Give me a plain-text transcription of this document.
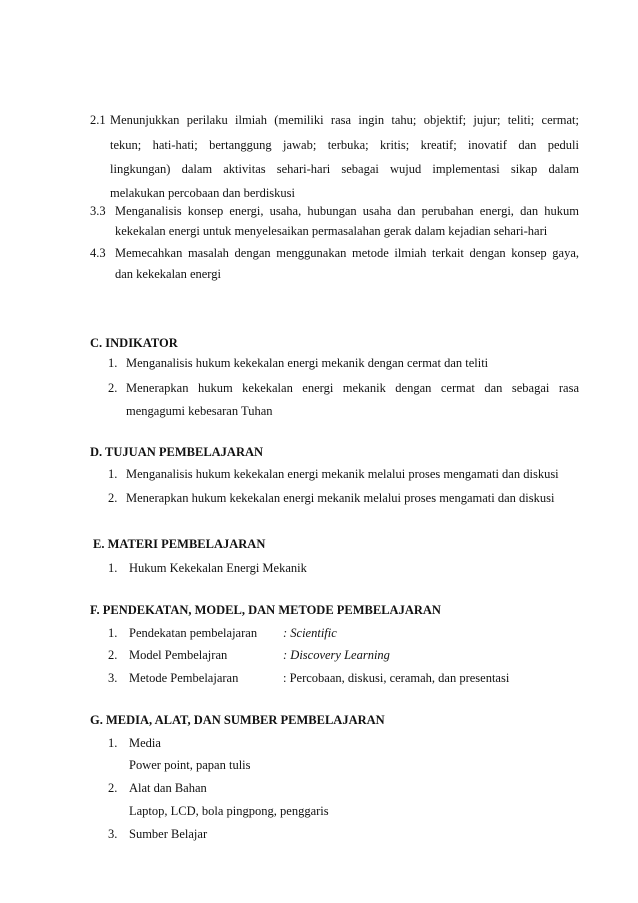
2.1 Menunjukkan perilaku ilmiah (memiliki rasa ingin tahu; objektif; jujur; teliti; cermat;
tekun; hati-hati; bertanggung jawab; terbuka; kritis; kreatif; inovatif dan peduli
lingkungan) dalam aktivitas sehari-hari sebagai wujud implementasi sikap dalam
melakukan percobaan dan berdiskusi
3.3 Menganalisis konsep energi, usaha, hubungan usaha dan perubahan energi, dan hukum
kekekalan energi untuk menyelesaikan permasalahan gerak dalam kejadian sehari-hari
4.3 Memecahkan masalah dengan menggunakan metode ilmiah terkait dengan konsep gaya,
dan kekekalan energi
C. INDIKATOR
1. Menganalisis hukum kekekalan energi mekanik dengan cermat dan teliti
2. Menerapkan hukum kekekalan energi mekanik dengan cermat dan sebagai rasa
mengagumi kebesaran Tuhan
D. TUJUAN PEMBELAJARAN
1. Menganalisis hukum kekekalan energi mekanik melalui proses mengamati dan diskusi
2. Menerapkan hukum kekekalan energi mekanik melalui proses mengamati dan diskusi
E. MATERI PEMBELAJARAN
1. Hukum Kekekalan Energi Mekanik
F. PENDEKATAN, MODEL, DAN METODE PEMBELAJARAN
1. Pendekatan pembelajaran : Scientific
2. Model Pembelajran	: Discovery Learning
3. Metode Pembelajaran	: Percobaan, diskusi, ceramah, dan presentasi
G. MEDIA, ALAT, DAN SUMBER PEMBELAJARAN
1. Media
Power point, papan tulis
2. Alat dan Bahan
Laptop, LCD, bola pingpong, penggaris
3. Sumber Belajar
